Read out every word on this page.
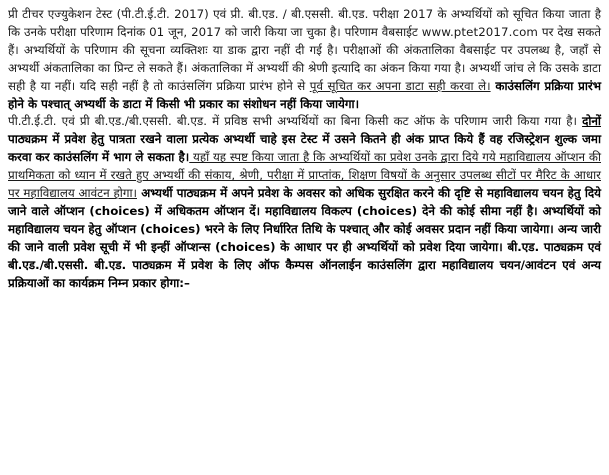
प्री टीचर एज्युकेशन टेस्ट (पी.टी.ई.टी. 2017) एवं प्री. बी.एड. / बी.एससी. बी.एड. परीक्षा 2017 के अभ्यर्थियों को सूचित किया जाता है कि उनके परीक्षा परिणाम दिनांक 01 जून, 2017 को जारी किया जा चुका है। परिणाम वैबसाईट www.ptet2017.com पर देख सकते हैं। अभ्यर्थियों के परिणाम की सूचना व्यक्तिशः या डाक द्वारा नहीं दी गई है। परीक्षाओं की अंकतालिका वैबसाईट पर उपलब्ध है, जहाँ से अभ्यर्थी अंकतालिका का प्रिन्ट ले सकते हैं। अंकतालिका में अभ्यर्थी की श्रेणी इत्यादि का अंकन किया गया है। अभ्यर्थी जांच ले कि उसके डाटा सही है या नहीं। यदि सही नहीं है तो काउंसलिंग प्रक्रिया प्रारंभ होने से पूर्व सूचित कर अपना डाटा सही करवा ले। काउंसलिंग प्रक्रिया प्रारंभ होने के पश्चात् अभ्यर्थी के डाटा में किसी भी प्रकार का संशोधन नहीं किया जायेगा।

पी.टी.ई.टी. एवं प्री बी.एड./बी.एससी. बी.एड. में प्रविष्ठ सभी अभ्यर्थियों का बिना किसी कट ऑफ के परिणाम जारी किया गया है। दोनों पाठ्यक्रम में प्रवेश हेतु पात्रता रखने वाला प्रत्येक अभ्यर्थी चाहे इस टेस्ट में उसने कितने ही अंक प्राप्त किये हैं वह रजिस्ट्रेशन शुल्क जमा करवा कर काउंसलिंग में भाग ले सकता है। यहाँ यह स्पष्ट किया जाता है कि अभ्यर्थियों का प्रवेश उनके द्वारा दिये गये महाविद्यालय ऑप्शन की प्राथमिकता को ध्यान में रखते हुए अभ्यर्थी की संकाय, श्रेणी, परीक्षा में प्राप्तांक, शिक्षण विषयों के अनुसार उपलब्ध सीटों पर मैरिट के आधार पर महाविद्यालय आवंटन होगा। अभ्यर्थी पाठ्यक्रम में अपने प्रवेश के अवसर को अधिक सुरक्षित करने की दृष्टि से महाविद्यालय चयन हेतु दिये जाने वाले ऑप्शन (choices) में अधिकतम ऑप्शन दें। महाविद्यालय विकल्प (choices) देने की कोई सीमा नहीं है। अभ्यर्थियों को महाविद्यालय चयन हेतु ऑप्शन (choices) भरने के लिए निर्धारित तिथि के पश्चात् और कोई अवसर प्रदान नहीं किया जायेगा। अन्य जारी की जाने वाली प्रवेश सूची में भी इन्हीं ऑप्शन्स (choices) के आधार पर ही अभ्यर्थियों को प्रवेश दिया जायेगा। बी.एड. पाठ्यक्रम एवं बी.एड./बी.एससी. बी.एड. पाठ्यक्रम में प्रवेश के लिए ऑफ कैम्पस ऑनलाईन काउंसलिंग द्वारा महाविद्यालय चयन/आवंटन एवं अन्य प्रक्रियाओं का कार्यक्रम निम्न प्रकार होगा:–
